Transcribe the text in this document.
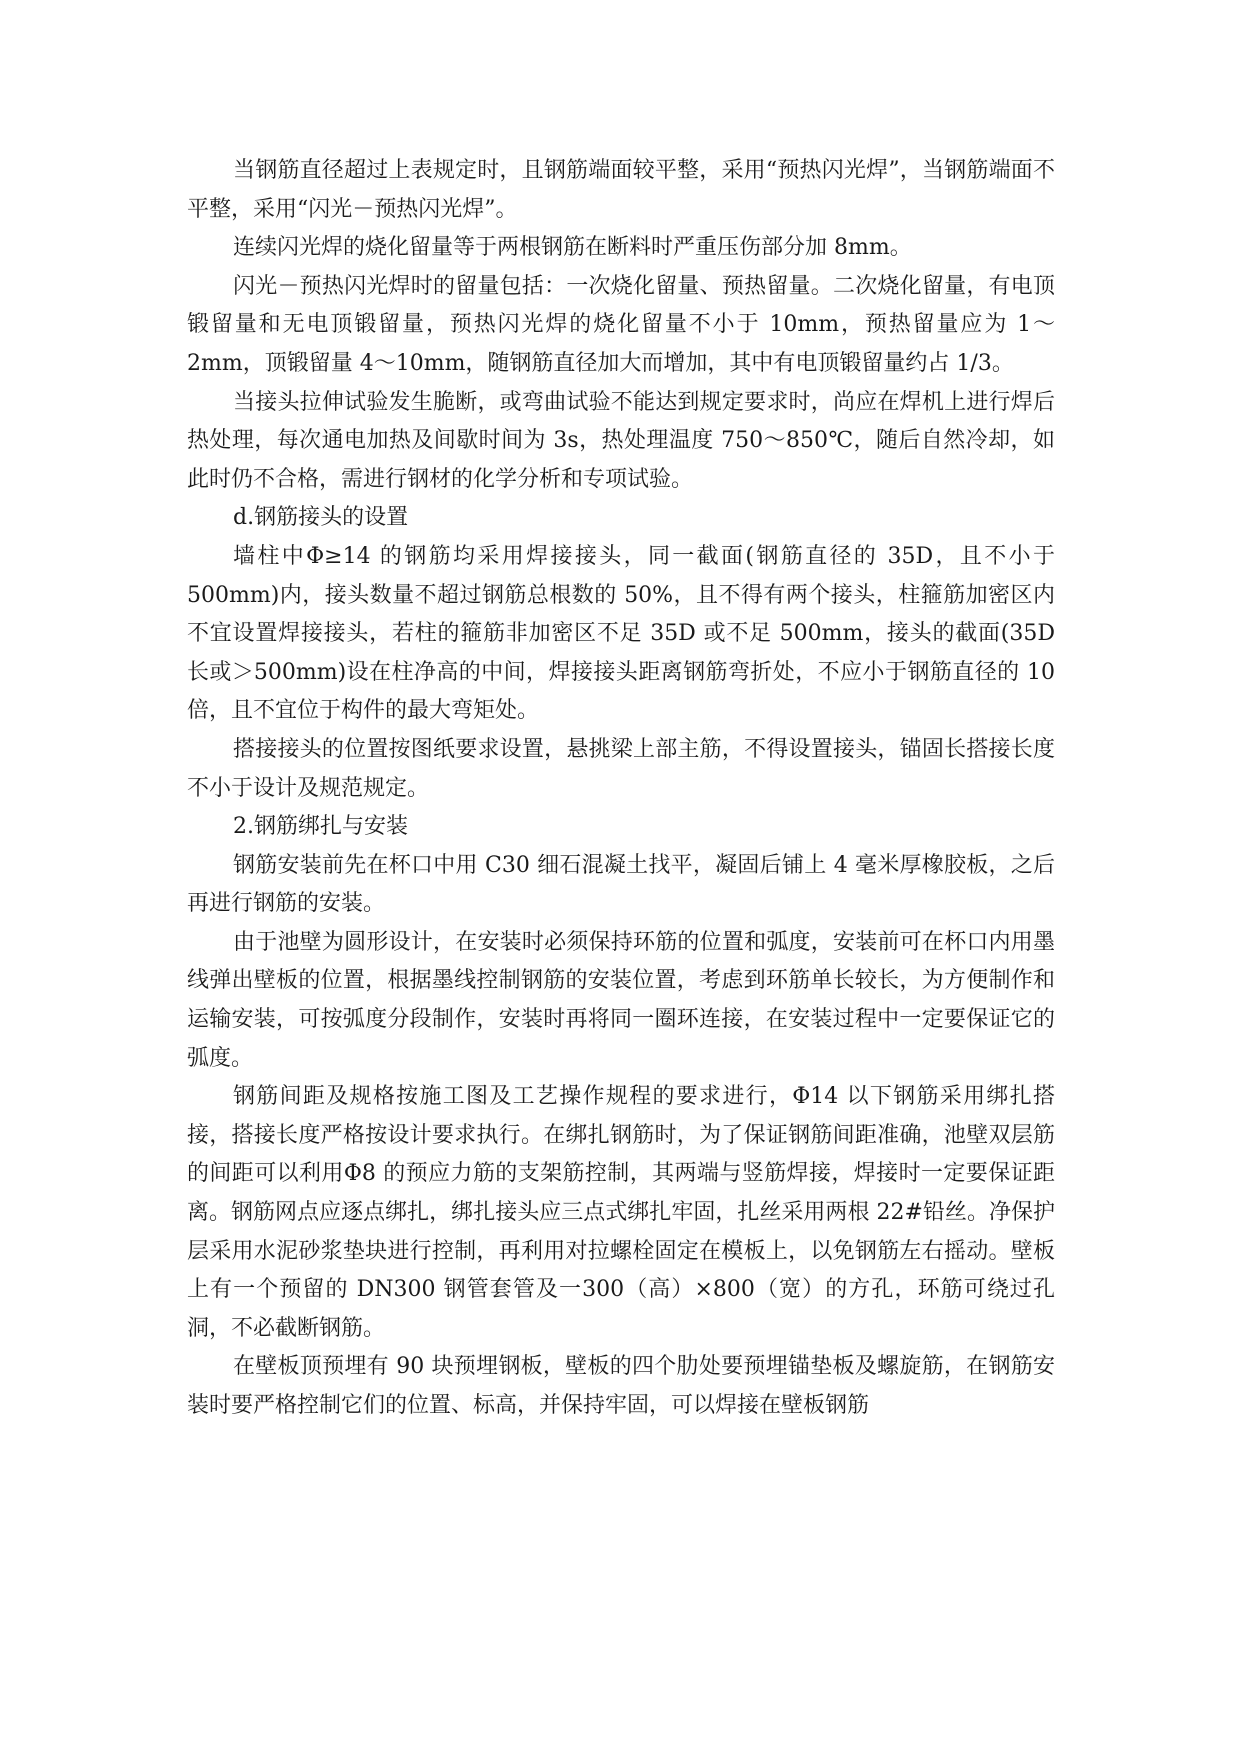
当钢筋直径超过上表规定时，且钢筋端面较平整，采用“预热闪光焊”，当钢筋端面不平整，采用“闪光－预热闪光焊”。

连续闪光焊的烧化留量等于两根钢筋在断料时严重压伤部分加 8mm。

闪光－预热闪光焊时的留量包括：一次烧化留量、预热留量。二次烧化留量，有电顶锻留量和无电顶锻留量，预热闪光焊的烧化留量不小于 10mm，预热留量应为 1～2mm，顶锻留量 4～10mm，随钢筋直径加大而增加，其中有电顶锻留量约占 1/3。

当接头拉伸试验发生脆断，或弯曲试验不能达到规定要求时，尚应在焊机上进行焊后热处理，每次通电加热及间歇时间为 3s，热处理温度 750～850℃，随后自然冷却，如此时仍不合格，需进行钢材的化学分析和专项试验。

d.钢筋接头的设置

墙柱中Φ≥14 的钢筋均采用焊接接头，同一截面(钢筋直径的 35D，且不小于 500mm)内，接头数量不超过钢筋总根数的 50%，且不得有两个接头，柱箍筋加密区内不宜设置焊接接头，若柱的箍筋非加密区不足 35D 或不足 500mm，接头的截面(35D 长或＞500mm)设在柱净高的中间，焊接接头距离钢筋弯折处，不应小于钢筋直径的 10 倍，且不宜位于构件的最大弯矩处。

搭接接头的位置按图纸要求设置，悬挑梁上部主筋，不得设置接头，锚固长搭接长度不小于设计及规范规定。

2.钢筋绑扎与安装

钢筋安装前先在杯口中用 C30 细石混凝土找平，凝固后铺上 4 毫米厚橡胶板，之后再进行钢筋的安装。

由于池壁为圆形设计，在安装时必须保持环筋的位置和弧度，安装前可在杯口内用墨线弹出壁板的位置，根据墨线控制钢筋的安装位置，考虑到环筋单长较长，为方便制作和运输安装，可按弧度分段制作，安装时再将同一圈环连接，在安装过程中一定要保证它的弧度。

钢筋间距及规格按施工图及工艺操作规程的要求进行，Φ14 以下钢筋采用绑扎搭接，搭接长度严格按设计要求执行。在绑扎钢筋时，为了保证钢筋间距准确，池壁双层筋的间距可以利用Φ8 的预应力筋的支架筋控制，其两端与竖筋焊接，焊接时一定要保证距离。钢筋网点应逐点绑扎，绑扎接头应三点式绑扎牢固，扎丝采用两根 22#铅丝。净保护层采用水泥砂浆垫块进行控制，再利用对拉螺栓固定在模板上，以免钢筋左右摇动。壁板上有一个预留的 DN300 钢管套管及一300（高）×800（宽）的方孔，环筋可绕过孔洞，不必截断钢筋。

在壁板顶预埋有 90 块预埋钢板，壁板的四个肋处要预埋锚垫板及螺旋筋，在钢筋安装时要严格控制它们的位置、标高，并保持牢固，可以焊接在壁板钢筋
